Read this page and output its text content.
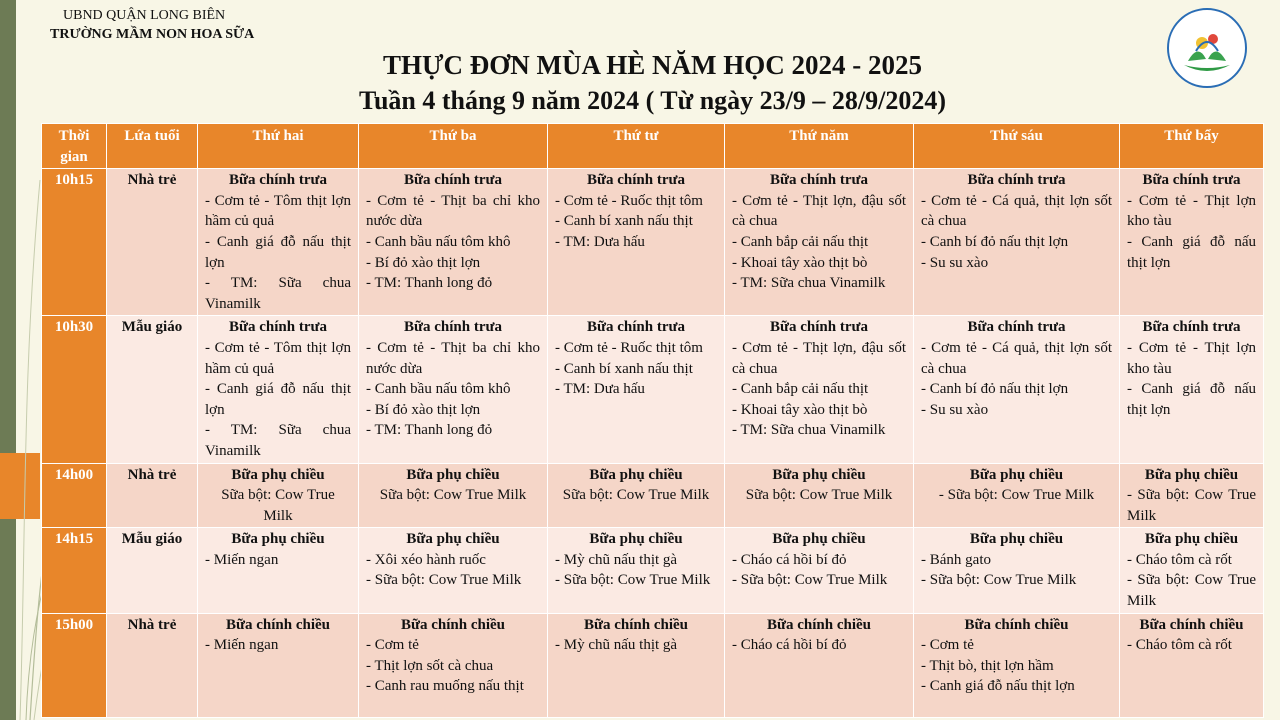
UBND QUẬN LONG BIÊN
TRƯỜNG MẦM NON HOA SỮA
THỰC ĐƠN MÙA HÈ NĂM HỌC 2024 - 2025
Tuần 4 tháng 9 năm 2024 ( Từ ngày 23/9 – 28/9/2024)
Thời gian	Lứa tuổi	Thứ hai	Thứ ba	Thứ tư	Thứ năm	Thứ sáu	Thứ bẩy
10h15	Nhà trẻ	Bữa chính trưa
- Cơm tẻ - Tôm thịt lợn hầm củ quả
- Canh giá đỗ nấu thịt lợn
- TM: Sữa chua Vinamilk	Bữa chính trưa
- Cơm tẻ - Thịt ba chỉ kho nước dừa
- Canh bầu nấu tôm khô
- Bí đỏ xào thịt lợn
- TM: Thanh long đỏ	Bữa chính trưa
- Cơm tẻ - Ruốc thịt tôm
- Canh bí xanh nấu thịt
- TM: Dưa hấu	Bữa chính trưa
- Cơm tẻ - Thịt lợn, đậu sốt cà chua
- Canh bắp cải nấu thịt
- Khoai tây xào thịt bò
- TM: Sữa chua Vinamilk	Bữa chính trưa
- Cơm tẻ - Cá quả, thịt lợn sốt cà chua
- Canh bí đỏ nấu thịt lợn
- Su su xào	Bữa chính trưa
- Cơm tẻ - Thịt lợn kho tàu
- Canh giá đỗ nấu thịt lợn

10h30	Mẫu giáo	Bữa chính trưa
- Cơm tẻ - Tôm thịt lợn hầm củ quả
- Canh giá đỗ nấu thịt lợn
- TM: Sữa chua Vinamilk	Bữa chính trưa
- Cơm tẻ - Thịt ba chỉ kho nước dừa
- Canh bầu nấu tôm khô
- Bí đỏ xào thịt lợn
- TM: Thanh long đỏ	Bữa chính trưa
- Cơm tẻ - Ruốc thịt tôm
- Canh bí xanh nấu thịt
- TM: Dưa hấu	Bữa chính trưa
- Cơm tẻ - Thịt lợn, đậu sốt cà chua
- Canh bắp cải nấu thịt
- Khoai tây xào thịt bò
- TM: Sữa chua Vinamilk	Bữa chính trưa
- Cơm tẻ - Cá quả, thịt lợn sốt cà chua
- Canh bí đỏ nấu thịt lợn
- Su su xào	Bữa chính trưa
- Cơm tẻ - Thịt lợn kho tàu
- Canh giá đỗ nấu thịt lợn

14h00	Nhà trẻ	Bữa phụ chiều
Sữa bột: Cow True Milk	Bữa phụ chiều
Sữa bột: Cow True Milk	Bữa phụ chiều
Sữa bột: Cow True Milk	Bữa phụ chiều
Sữa bột: Cow True Milk	Bữa phụ chiều
- Sữa bột: Cow True Milk	Bữa phụ chiều
- Sữa bột: Cow True Milk

14h15	Mẫu giáo	Bữa phụ chiều
- Miến ngan	Bữa phụ chiều
- Xôi xéo hành ruốc
- Sữa bột: Cow True Milk	Bữa phụ chiều
- Mỳ chũ nấu thịt gà
- Sữa bột: Cow True Milk	Bữa phụ chiều
- Cháo cá hồi bí đỏ
- Sữa bột: Cow True Milk	Bữa phụ chiều
- Bánh gato
- Sữa bột: Cow True Milk	Bữa phụ chiều
- Cháo tôm cà rốt
- Sữa bột: Cow True Milk

15h00	Nhà trẻ	Bữa chính chiều
- Miến ngan	Bữa chính chiều
- Cơm tẻ
- Thịt lợn sốt cà chua
- Canh rau muống nấu thịt	Bữa chính chiều
- Mỳ chũ nấu thịt gà	Bữa chính chiều
- Cháo cá hồi bí đỏ	Bữa chính chiều
- Cơm tẻ
- Thịt bò, thịt lợn hầm
- Canh giá đỗ nấu thịt lợn	Bữa chính chiều
- Cháo tôm cà rốt
